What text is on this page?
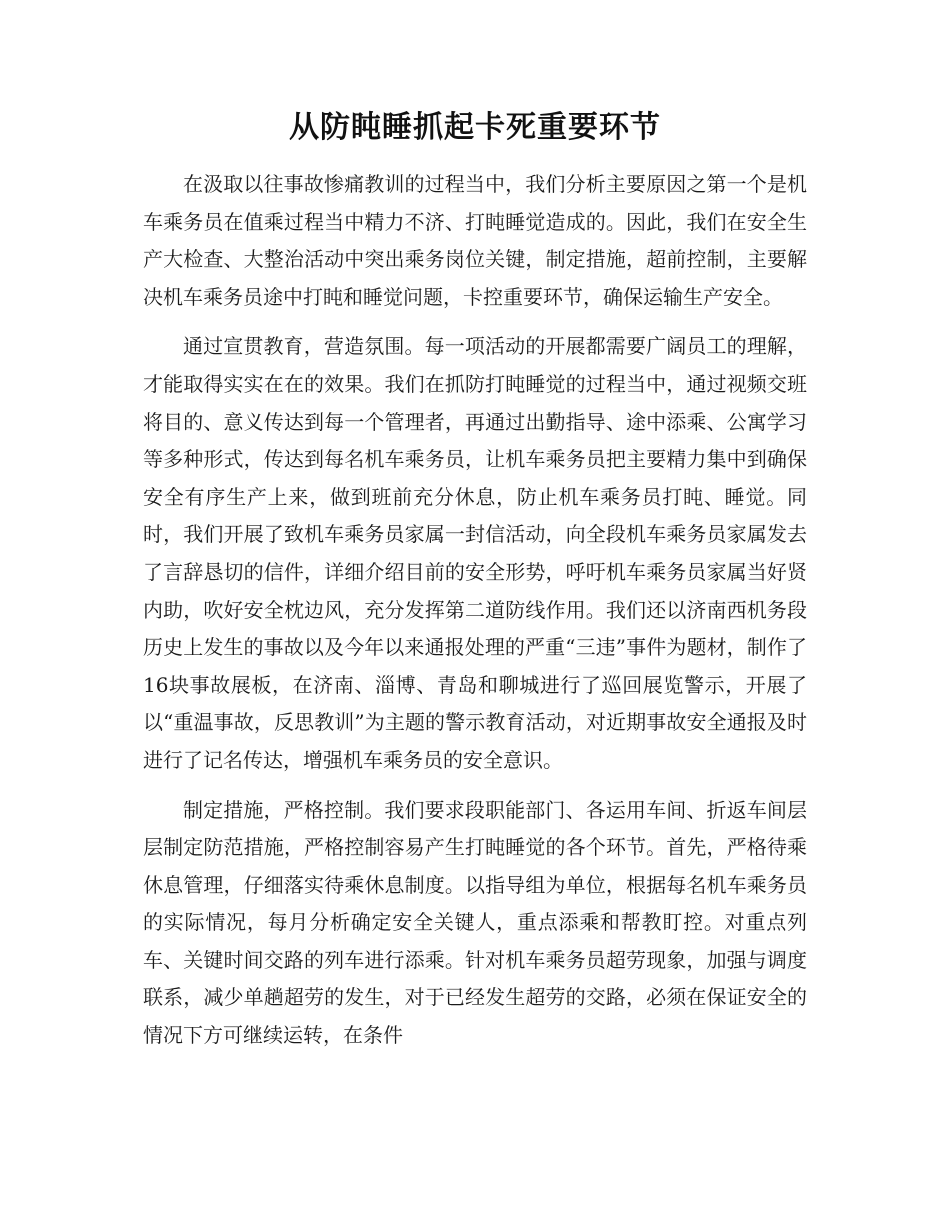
从防盹睡抓起卡死重要环节

在汲取以往事故惨痛教训的过程当中，我们分析主要原因之第一个是机车乘务员在值乘过程当中精力不济、打盹睡觉造成的。因此，我们在安全生产大检查、大整治活动中突出乘务岗位关键，制定措施，超前控制，主要解决机车乘务员途中打盹和睡觉问题，卡控重要环节，确保运输生产安全。

通过宣贯教育，营造氛围。每一项活动的开展都需要广阔员工的理解，才能取得实实在在的效果。我们在抓防打盹睡觉的过程当中，通过视频交班将目的、意义传达到每一个管理者，再通过出勤指导、途中添乘、公寓学习等多种形式，传达到每名机车乘务员，让机车乘务员把主要精力集中到确保安全有序生产上来，做到班前充分休息，防止机车乘务员打盹、睡觉。同时，我们开展了致机车乘务员家属一封信活动，向全段机车乘务员家属发去了言辞恳切的信件，详细介绍目前的安全形势，呼吁机车乘务员家属当好贤内助，吹好安全枕边风，充分发挥第二道防线作用。我们还以济南西机务段历史上发生的事故以及今年以来通报处理的严重“三违”事件为题材，制作了16块事故展板，在济南、淄博、青岛和聊城进行了巡回展览警示，开展了以“重温事故，反思教训”为主题的警示教育活动，对近期事故安全通报及时进行了记名传达，增强机车乘务员的安全意识。

制定措施，严格控制。我们要求段职能部门、各运用车间、折返车间层层制定防范措施，严格控制容易产生打盹睡觉的各个环节。首先，严格待乘休息管理，仔细落实待乘休息制度。以指导组为单位，根据每名机车乘务员的实际情况，每月分析确定安全关键人，重点添乘和帮教盯控。对重点列车、关键时间交路的列车进行添乘。针对机车乘务员超劳现象，加强与调度联系，减少单趟超劳的发生，对于已经发生超劳的交路，必须在保证安全的情况下方可继续运转，在条件
